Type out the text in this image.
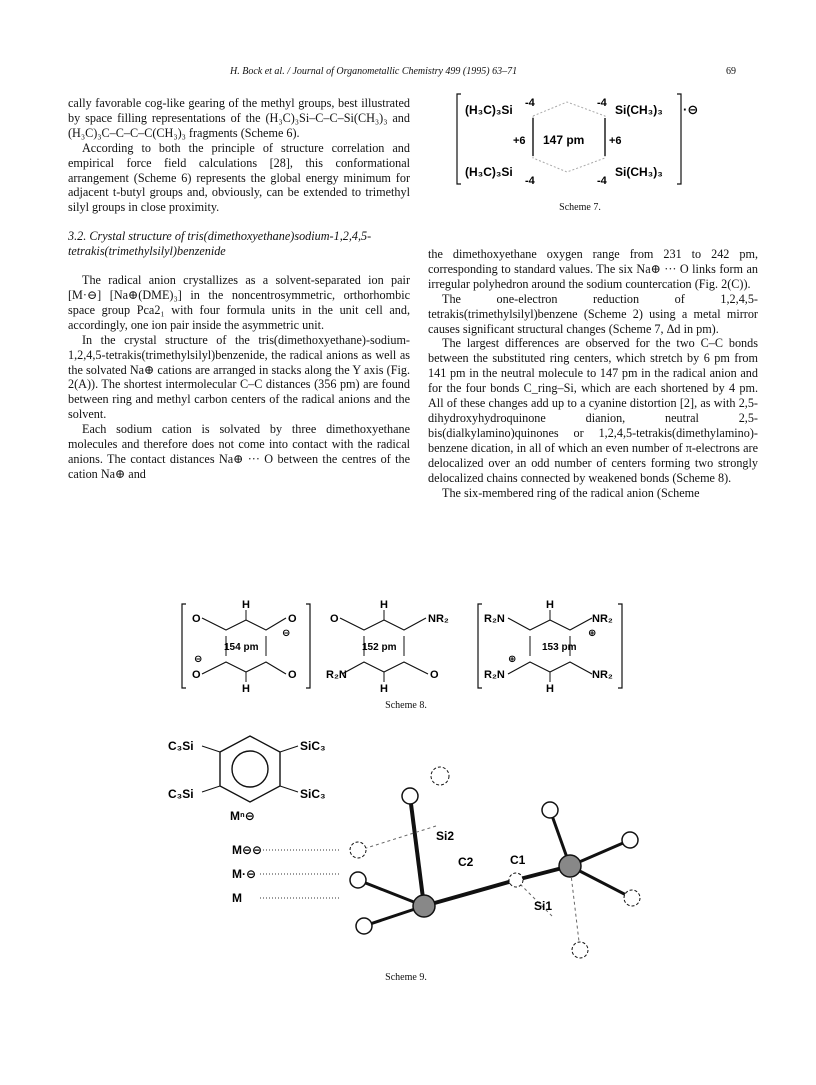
H. Bock et al. / Journal of Organometallic Chemistry 499 (1995) 63–71	69

cally favorable cog-like gearing of the methyl groups, best illustrated by space filling representations of the (H₃C)₃Si–C–C–Si(CH₃)₃ and (H₃C)₃C–C–C–C(CH₃)₃ fragments (Scheme 6).

According to both the principle of structure correlation and empirical force field calculations [28], this conformational arrangement (Scheme 6) represents the global energy minimum for adjacent t-butyl groups and, obviously, can be extended to trimethyl silyl groups in close proximity.

3.2. Crystal structure of tris(dimethoxyethane)sodium-1,2,4,5-tetrakis(trimethylsilyl)benzenide

The radical anion crystallizes as a solvent-separated ion pair [M·⊖] [Na⊕(DME)₃] in the noncentrosymmetric, orthorhombic space group Pca2₁ with four formula units in the unit cell and, accordingly, one ion pair inside the asymmetric unit.

In the crystal structure of the tris(dimethoxyethane)-sodium-1,2,4,5-tetrakis(trimethylsilyl)benzenide, the radical anions as well as the solvated Na⊕ cations are arranged in stacks along the Y axis (Fig. 2(A)). The shortest intermolecular C–C distances (356 pm) are found between ring and methyl carbon centers of the radical anions and the solvent.

Each sodium cation is solvated by three dimethoxyethane molecules and therefore does not come into contact with the radical anions. The contact distances Na⊕ ··· O between the centres of the cation Na⊕ and

the dimethoxyethane oxygen range from 231 to 242 pm, corresponding to standard values. The six Na⊕ ··· O links form an irregular polyhedron around the sodium countercation (Fig. 2(C)).

The one-electron reduction of 1,2,4,5-tetrakis(trimethylsilyl)benzene (Scheme 2) using a metal mirror causes significant structural changes (Scheme 7, Δd in pm).

The largest differences are observed for the two C–C bonds between the substituted ring centers, which stretch by 6 pm from 141 pm in the neutral molecule to 147 pm in the radical anion and for the four bonds C_ring–Si, which are each shortened by 4 pm. All of these changes add up to a cyanine distortion [2], as with 2,5-dihydroxyhydroquinone dianion, neutral 2,5-bis(dialkylamino)quinones or 1,2,4,5-tetrakis(dimethylamino)-benzene dication, in all of which an even number of π-electrons are delocalized over an odd number of centers forming two strongly delocalized chains connected by weakened bonds (Scheme 8).

The six-membered ring of the radical anion (Scheme

·⊖
(H₃C)₃Si	Si(CH₃)₃
(H₃C)₃Si	Si(CH₃)₃
-4	-4
-4	-4
+6	+6
147 pm
Scheme 7.
O	O
O	O
H
H
⊖
⊖
154 pm
O	NR₂
R₂N	O
H
H
152 pm
R₂N	NR₂
R₂N	NR₂
H
H
⊕
⊕
153 pm
Scheme 8.
C₃Si	SiC₃
C₃Si	SiC₃
Mⁿ⊖
M⊖⊖
M·⊖
M
Si2
C2	C1
Si1
Scheme 9.
